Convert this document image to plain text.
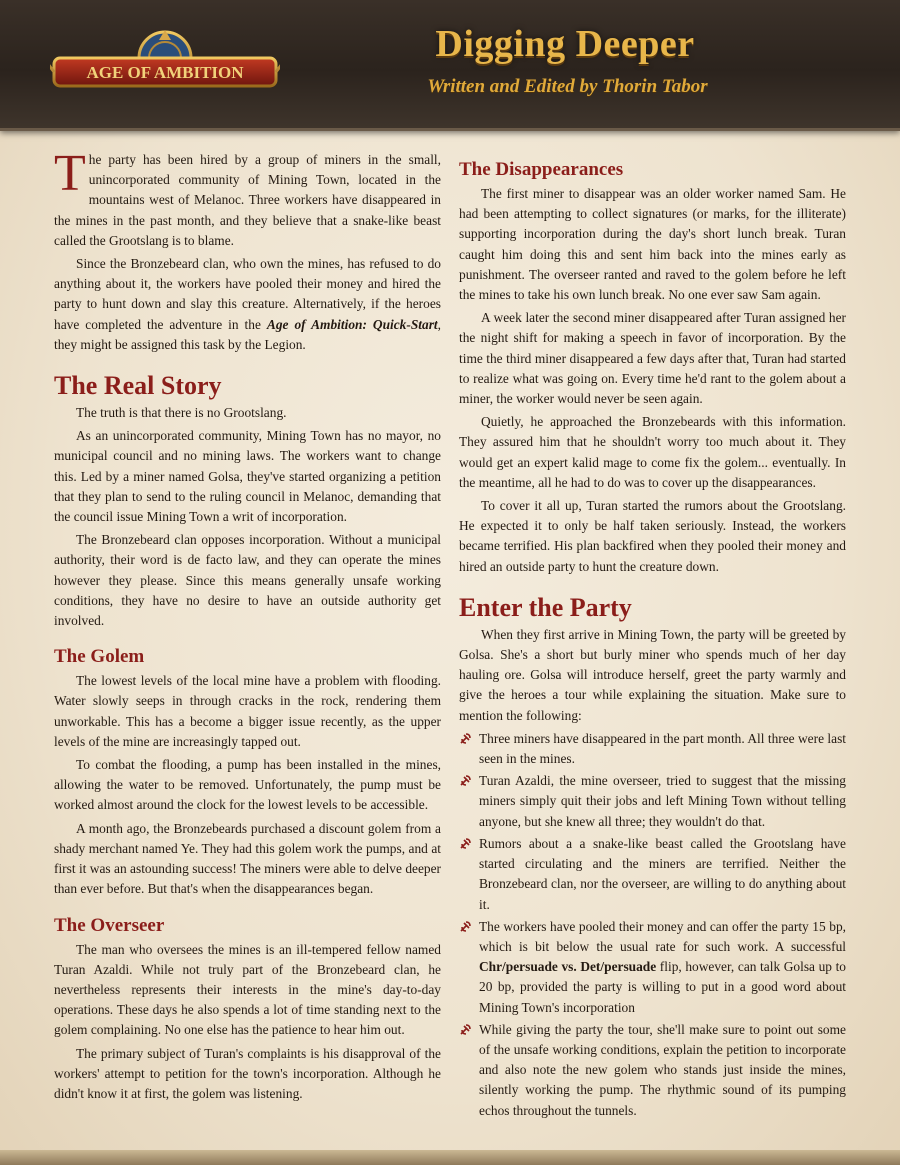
AGE OF AMBITION
Digging Deeper
Written and Edited by Thorin Tabor

The party has been hired by a group of miners in the small, unincorporated community of Mining Town, located in the mountains west of Melanoc. Three workers have disappeared in the mines in the past month, and they believe that a snake-like beast called the Grootslang is to blame.

Since the Bronzebeard clan, who own the mines, has refused to do anything about it, the workers have pooled their money and hired the party to hunt down and slay this creature. Alternatively, if the heroes have completed the adventure in the Age of Ambition: Quick-Start, they might be assigned this task by the Legion.

The Real Story

The truth is that there is no Grootslang.

As an unincorporated community, Mining Town has no mayor, no municipal council and no mining laws. The workers want to change this. Led by a miner named Golsa, they've started organizing a petition that they plan to send to the ruling council in Melanoc, demanding that the council issue Mining Town a writ of incorporation.

The Bronzebeard clan opposes incorporation. Without a municipal authority, their word is de facto law, and they can operate the mines however they please. Since this means generally unsafe working conditions, they have no desire to have an outside authority get involved.

The Golem

The lowest levels of the local mine have a problem with flooding. Water slowly seeps in through cracks in the rock, rendering them unworkable. This has a become a bigger issue recently, as the upper levels of the mine are increasingly tapped out.

To combat the flooding, a pump has been installed in the mines, allowing the water to be removed. Unfortunately, the pump must be worked almost around the clock for the lowest levels to be accessible.

A month ago, the Bronzebeards purchased a discount golem from a shady merchant named Ye. They had this golem work the pumps, and at first it was an astounding success! The miners were able to delve deeper than ever before. But that's when the disappearances began.

The Overseer

The man who oversees the mines is an ill-tempered fellow named Turan Azaldi. While not truly part of the Bronzebeard clan, he nevertheless represents their interests in the mine's day-to-day operations. These days he also spends a lot of time standing next to the golem complaining. No one else has the patience to hear him out.

The primary subject of Turan's complaints is his disapproval of the workers' attempt to petition for the town's incorporation. Although he didn't know it at first, the golem was listening.

The Disappearances

The first miner to disappear was an older worker named Sam. He had been attempting to collect signatures (or marks, for the illiterate) supporting incorporation during the day's short lunch break. Turan caught him doing this and sent him back into the mines early as punishment. The overseer ranted and raved to the golem before he left the mines to take his own lunch break. No one ever saw Sam again.

A week later the second miner disappeared after Turan assigned her the night shift for making a speech in favor of incorporation. By the time the third miner disappeared a few days after that, Turan had started to realize what was going on. Every time he'd rant to the golem about a miner, the worker would never be seen again.

Quietly, he approached the Bronzebeards with this information. They assured him that he shouldn't worry too much about it. They would get an expert kalid mage to come fix the golem... eventually. In the meantime, all he had to do was to cover up the disappearances.

To cover it all up, Turan started the rumors about the Grootslang. He expected it to only be half taken seriously. Instead, the workers became terrified. His plan backfired when they pooled their money and hired an outside party to hunt the creature down.

Enter the Party

When they first arrive in Mining Town, the party will be greeted by Golsa. She's a short but burly miner who spends much of her day hauling ore. Golsa will introduce herself, greet the party warmly and give the heroes a tour while explaining the situation. Make sure to mention the following:

Three miners have disappeared in the part month. All three were last seen in the mines.
Turan Azaldi, the mine overseer, tried to suggest that the missing miners simply quit their jobs and left Mining Town without telling anyone, but she knew all three; they wouldn't do that.
Rumors about a a snake-like beast called the Grootslang have started circulating and the miners are terrified. Neither the Bronzebeard clan, nor the overseer, are willing to do anything about it.
The workers have pooled their money and can offer the party 15 bp, which is bit below the usual rate for such work. A successful Chr/persuade vs. Det/persuade flip, however, can talk Golsa up to 20 bp, provided the party is willing to put in a good word about Mining Town's incorporation
While giving the party the tour, she'll make sure to point out some of the unsafe working conditions, explain the petition to incorporate and also note the new golem who stands just inside the mines, silently working the pump. The rhythmic sound of its pumping echos throughout the tunnels.
